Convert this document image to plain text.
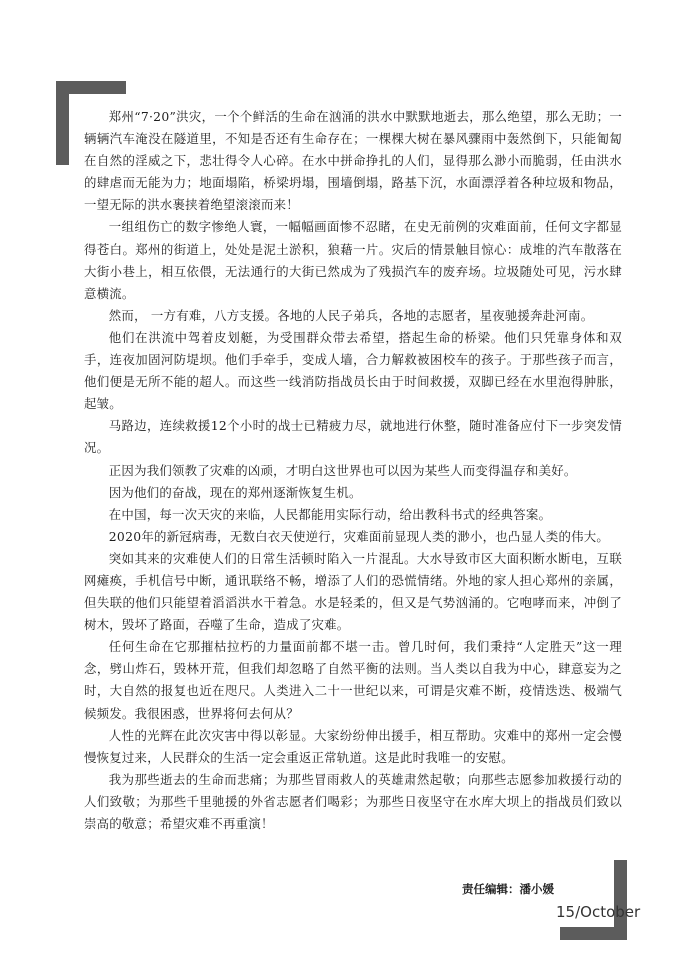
郑州“7·20”洪灾，一个个鲜活的生命在汹涌的洪水中默默地逝去，那么绝望，那么无助；一辆辆汽车淹没在隧道里，不知是否还有生命存在；一棵棵大树在暴风骤雨中轰然倒下，只能匍匐在自然的淫威之下，悲壮得令人心碎。在水中拼命挣扎的人们，显得那么渺小而脆弱，任由洪水的肆虐而无能为力；地面塌陷，桥梁坍塌，围墙倒塌，路基下沉，水面漂浮着各种垃圾和物品，一望无际的洪水裹挟着绝望滚滚而来！

一组组伤亡的数字惨绝人寰，一幅幅画面惨不忍睹，在史无前例的灾难面前，任何文字都显得苍白。郑州的街道上，处处是泥土淤积，狼藉一片。灾后的情景触目惊心：成堆的汽车散落在大街小巷上，相互依偎，无法通行的大街已然成为了残损汽车的废弃场。垃圾随处可见，污水肆意横流。

然而， 一方有难，八方支援。各地的人民子弟兵，各地的志愿者，星夜驰援奔赴河南。

他们在洪流中驾着皮划艇，为受围群众带去希望，搭起生命的桥梁。他们只凭靠身体和双手，连夜加固河防堤坝。他们手牵手，变成人墙，合力解救被困校车的孩子。于那些孩子而言，他们便是无所不能的超人。而这些一线消防指战员长由于时间救援，双脚已经在水里泡得肿胀，起皱。

马路边，连续救援12个小时的战士已精疲力尽，就地进行休整，随时准备应付下一步突发情况。

正因为我们领教了灾难的凶顽，才明白这世界也可以因为某些人而变得温存和美好。

因为他们的奋战，现在的郑州逐渐恢复生机。

在中国，每一次天灾的来临，人民都能用实际行动，给出教科书式的经典答案。

2020年的新冠病毒，无数白衣天使逆行，灾难面前显现人类的渺小，也凸显人类的伟大。

突如其来的灾难使人们的日常生活顿时陷入一片混乱。大水导致市区大面积断水断电，互联网瘫痪，手机信号中断，通讯联络不畅，增添了人们的恐慌情绪。外地的家人担心郑州的亲属，但失联的他们只能望着滔滔洪水干着急。水是轻柔的，但又是气势汹涌的。它咆哮而来，冲倒了树木，毁坏了路面，吞噬了生命，造成了灾难。

任何生命在它那摧枯拉朽的力量面前都不堪一击。曾几时何，我们秉持“人定胜天”这一理念，劈山炸石，毁林开荒，但我们却忽略了自然平衡的法则。当人类以自我为中心，肆意妄为之时，大自然的报复也近在咫尺。人类进入二十一世纪以来，可谓是灾难不断，疫情迭迭、极端气候频发。我很困惑，世界将何去何从？

人性的光辉在此次灾害中得以彰显。大家纷纷伸出援手，相互帮助。灾难中的郑州一定会慢慢恢复过来，人民群众的生活一定会重返正常轨道。这是此时我唯一的安慰。

我为那些逝去的生命而悲痛；为那些冒雨救人的英雄肃然起敬；向那些志愿参加救援行动的人们致敬；为那些千里驰援的外省志愿者们喝彩；为那些日夜坚守在水库大坝上的指战员们致以崇高的敬意；希望灾难不再重演！

责任编辑：潘小媛
15/October
